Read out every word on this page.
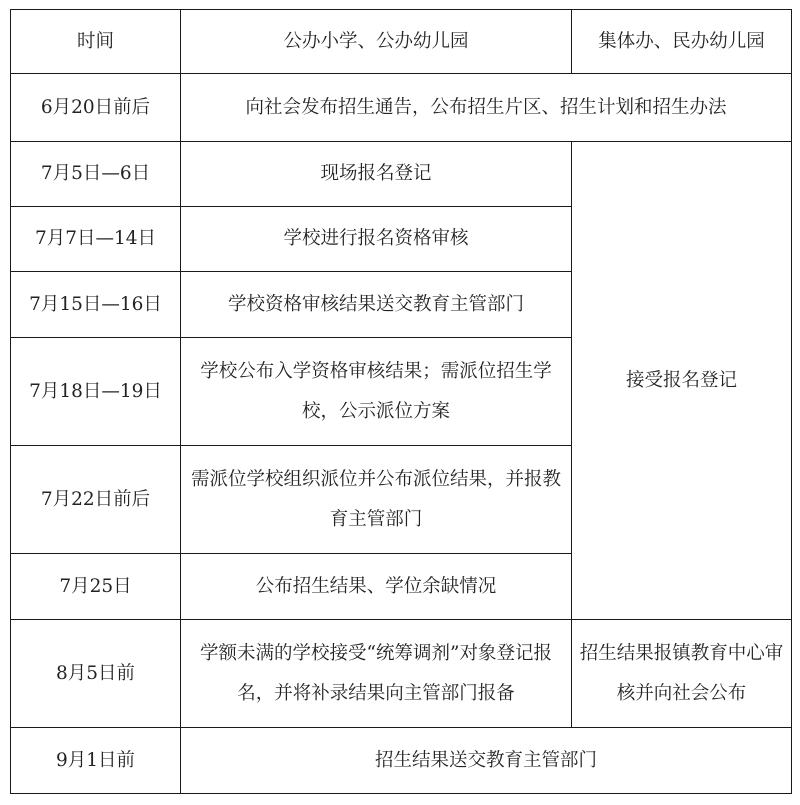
时间	公办小学、公办幼儿园	集体办、民办幼儿园
6月20日前后	向社会发布招生通告，公布招生片区、招生计划和招生办法	
7月5日—6日	现场报名登记	接受报名登记
7月7日—14日	学校进行报名资格审核	
7月15日—16日	学校资格审核结果送交教育主管部门	
7月18日—19日	学校公布入学资格审核结果；需派位招生学校，公示派位方案	
7月22日前后	需派位学校组织派位并公布派位结果，并报教育主管部门	
7月25日	公布招生结果、学位余缺情况	
8月5日前	学额未满的学校接受“统筹调剂”对象登记报名，并将补录结果向主管部门报备	招生结果报镇教育中心审核并向社会公布
9月1日前	招生结果送交教育主管部门	
